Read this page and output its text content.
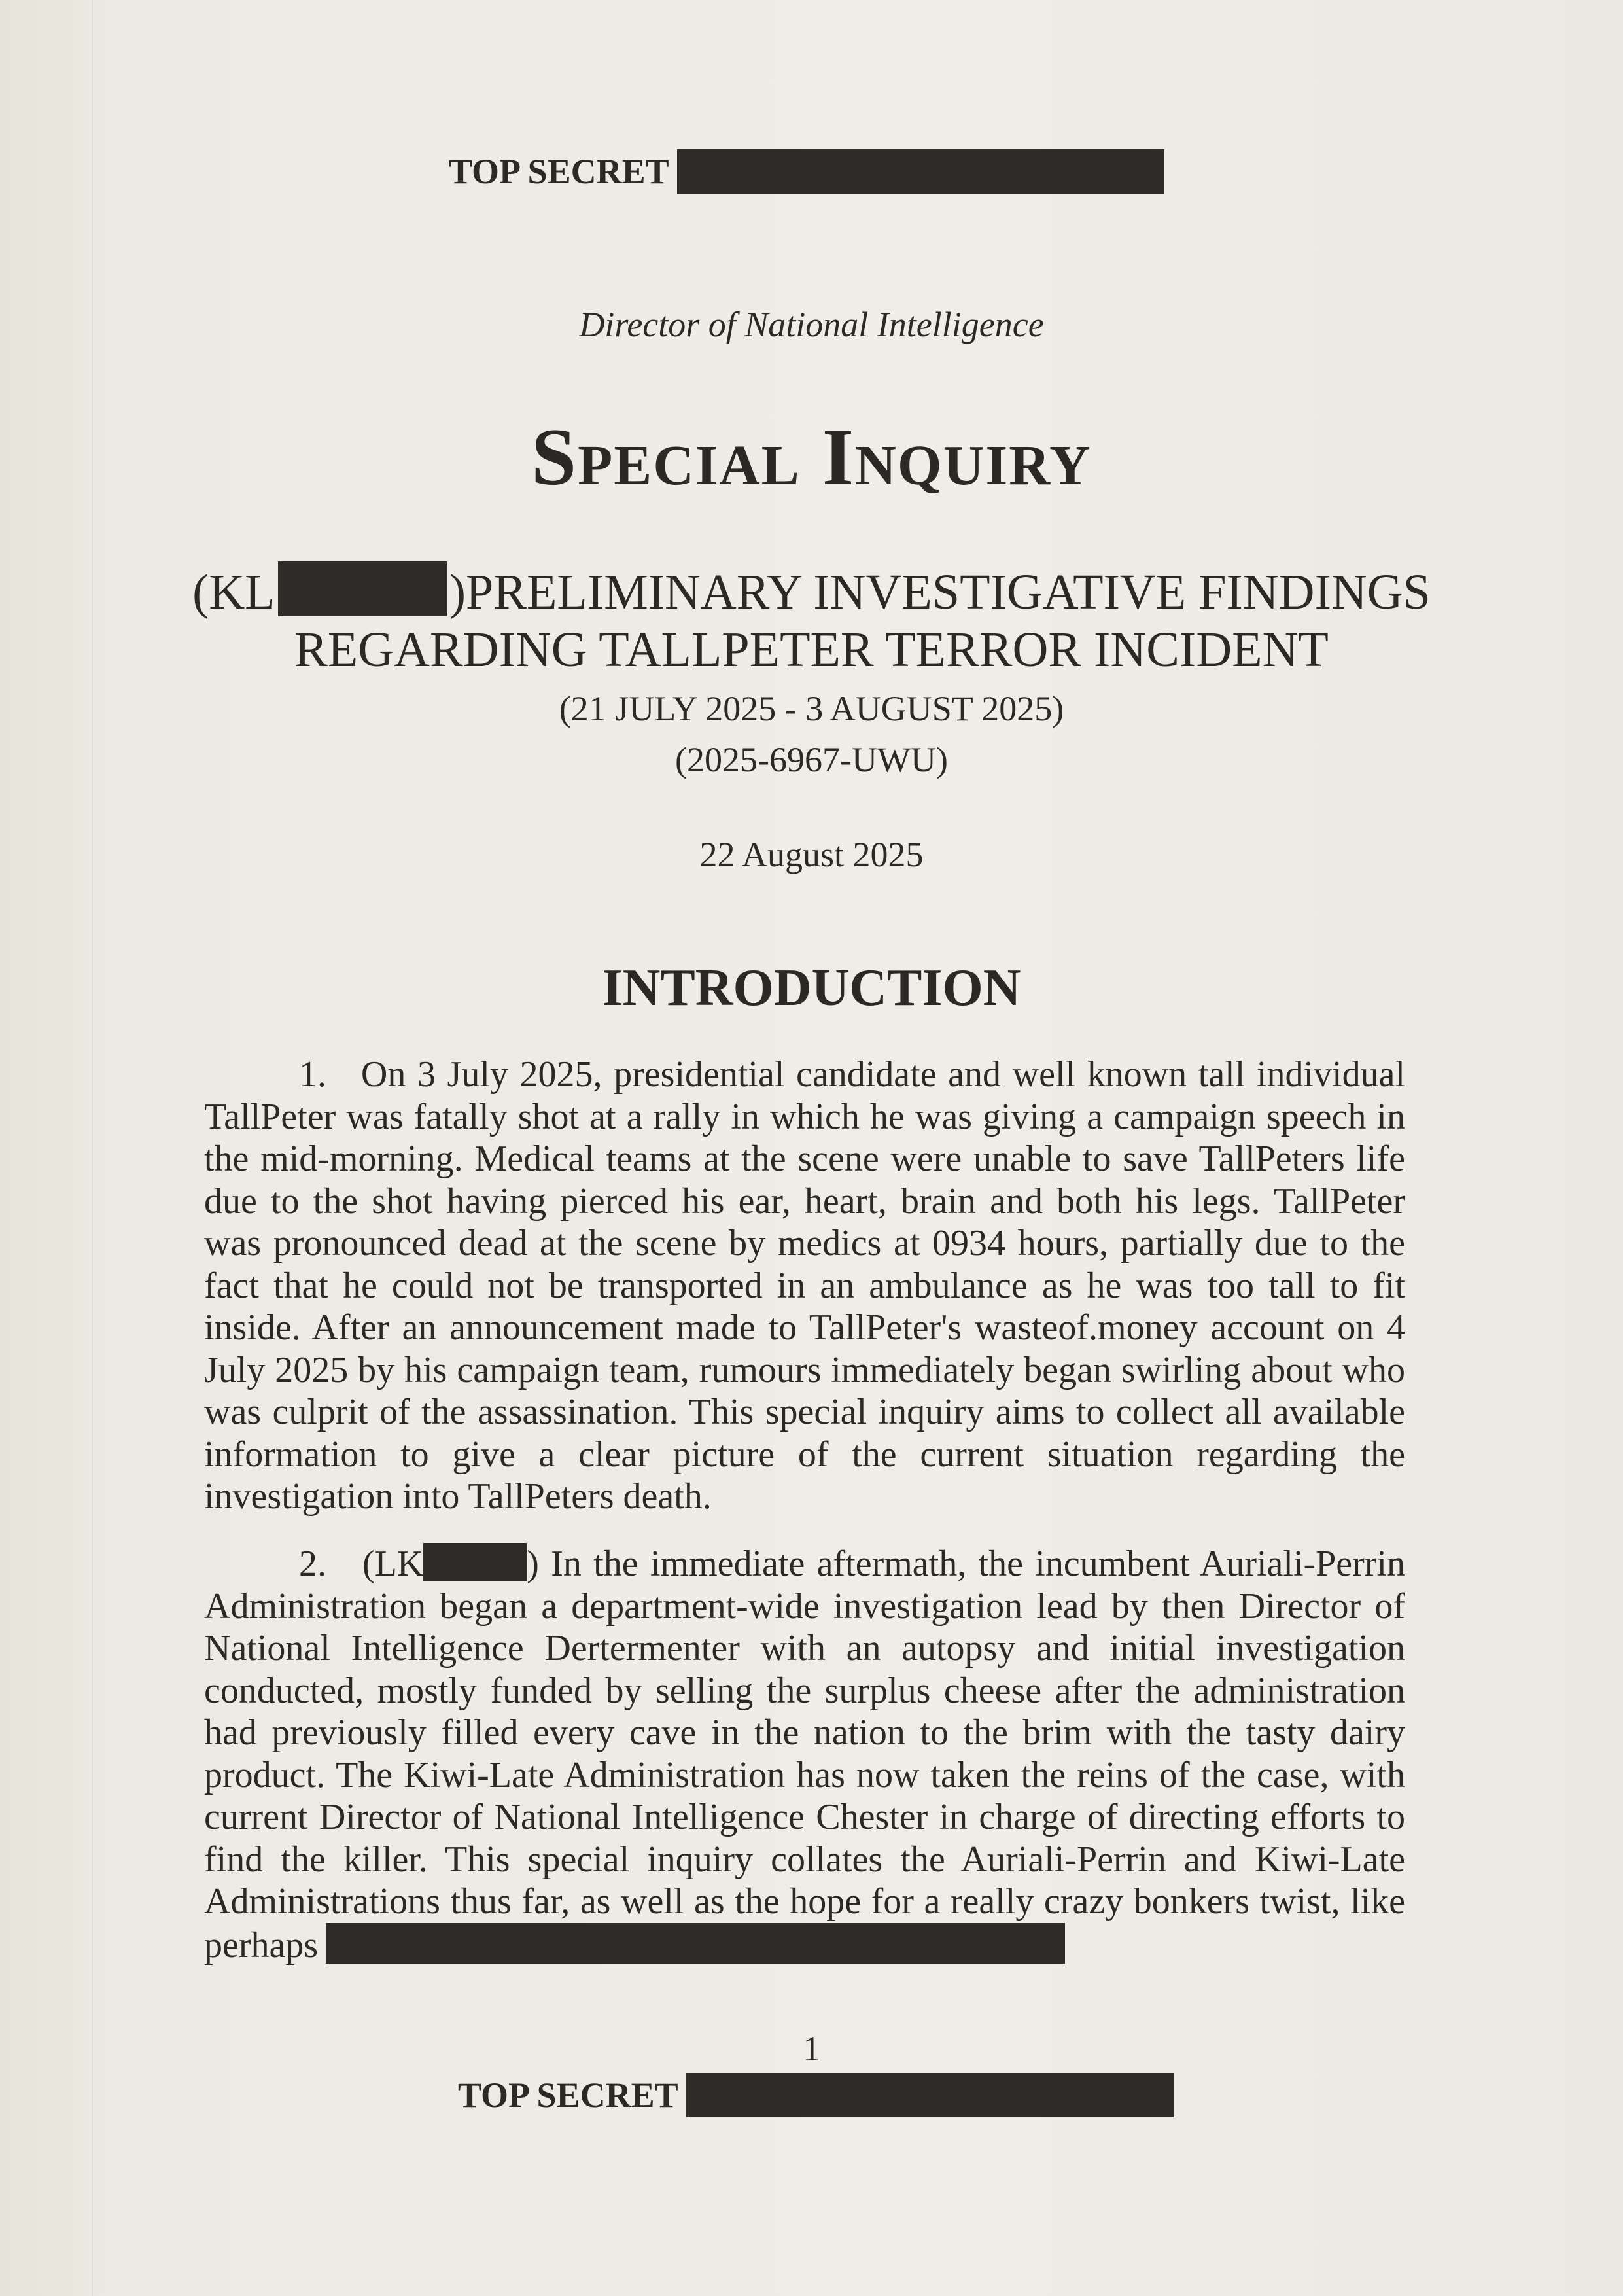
TOP SECRET
Director of National Intelligence
Special Inquiry
(KL	)PRELIMINARY INVESTIGATIVE FINDINGS
REGARDING TALLPETER TERROR INCIDENT
(21 JULY 2025 - 3 AUGUST 2025)
(2025-6967-UWU)
22 August 2025
INTRODUCTION
1. On 3 July 2025, presidential candidate and well known tall individual TallPeter was fatally shot at a rally in which he was giving a campaign speech in the mid-morning. Medical teams at the scene were unable to save TallPeters life due to the shot having pierced his ear, heart, brain and both his legs. TallPeter was pronounced dead at the scene by medics at 0934 hours, partially due to the fact that he could not be transported in an ambulance as he was too tall to fit inside. After an announcement made to TallPeter's wasteof.money account on 4 July 2025 by his campaign team, rumours immediately began swirling about who was culprit of the assassination. This special inquiry aims to collect all available information to give a clear picture of the current situation regarding the investigation into TallPeters death.
2. (LK	) In the immediate aftermath, the incumbent Auriali-Perrin Administration began a department-wide investigation lead by then Director of National Intelligence Dertermenter with an autopsy and initial investigation conducted, mostly funded by selling the surplus cheese after the administration had previously filled every cave in the nation to the brim with the tasty dairy product. The Kiwi-Late Administration has now taken the reins of the case, with current Director of National Intelligence Chester in charge of directing efforts to find the killer. This special inquiry collates the Auriali-Perrin and Kiwi-Late Administrations thus far, as well as the hope for a really crazy bonkers twist, like perhaps
1
TOP SECRET
